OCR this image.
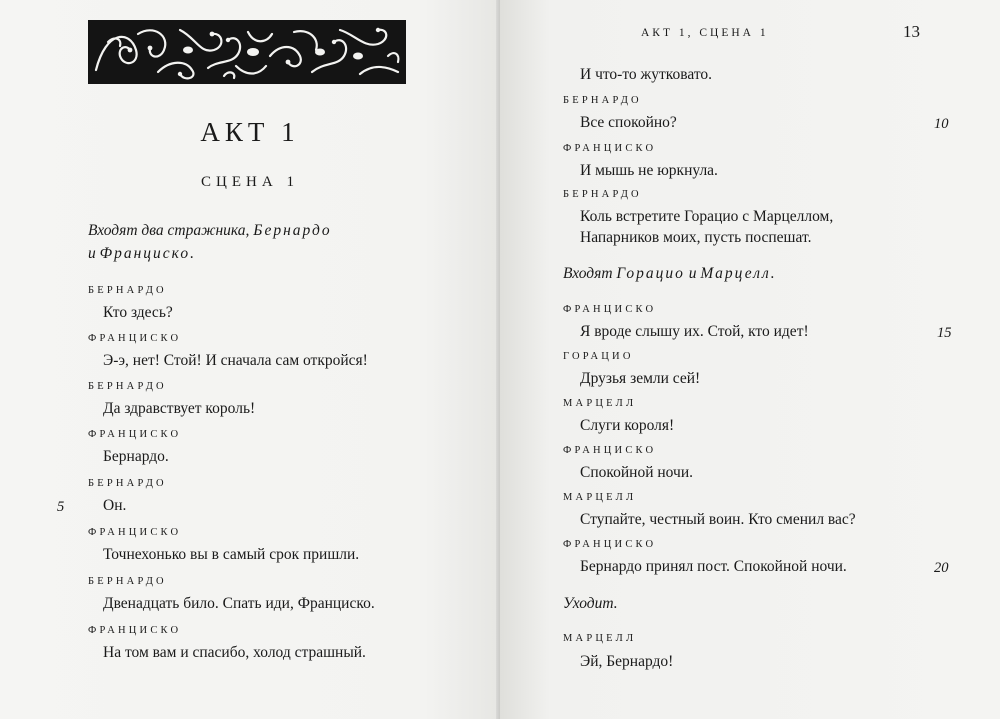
АКТ 1
СЦЕНА 1
Входят два стражника, Бернардо
и Франциско.
БЕРНАРДО
Кто здесь?
ФРАНЦИСКО
Э-э, нет! Стой! И сначала сам откройся!
БЕРНАРДО
Да здравствует король!
ФРАНЦИСКО
Бернардо.
БЕРНАРДО
5	Он.
ФРАНЦИСКО
Точнехонько вы в самый срок пришли.
БЕРНАРДО
Двенадцать било. Спать иди, Франциско.
ФРАНЦИСКО
На том вам и спасибо, холод страшный.
АКТ 1, СЦЕНА 1	13
И что-то жутковато.
БЕРНАРДО
Все спокойно?	10
ФРАНЦИСКО
И мышь не юркнула.
БЕРНАРДО
Коль встретите Горацио с Марцеллом,
Напарников моих, пусть поспешат.
Входят Горацио и Марцелл.
ФРАНЦИСКО
Я вроде слышу их. Стой, кто идет!	15
ГОРАЦИО
Друзья земли сей!
МАРЦЕЛЛ
Слуги короля!
ФРАНЦИСКО
Спокойной ночи.
МАРЦЕЛЛ
Ступайте, честный воин. Кто сменил вас?
ФРАНЦИСКО
Бернардо принял пост. Спокойной ночи.	20
Уходит.
МАРЦЕЛЛ
Эй, Бернардо!
